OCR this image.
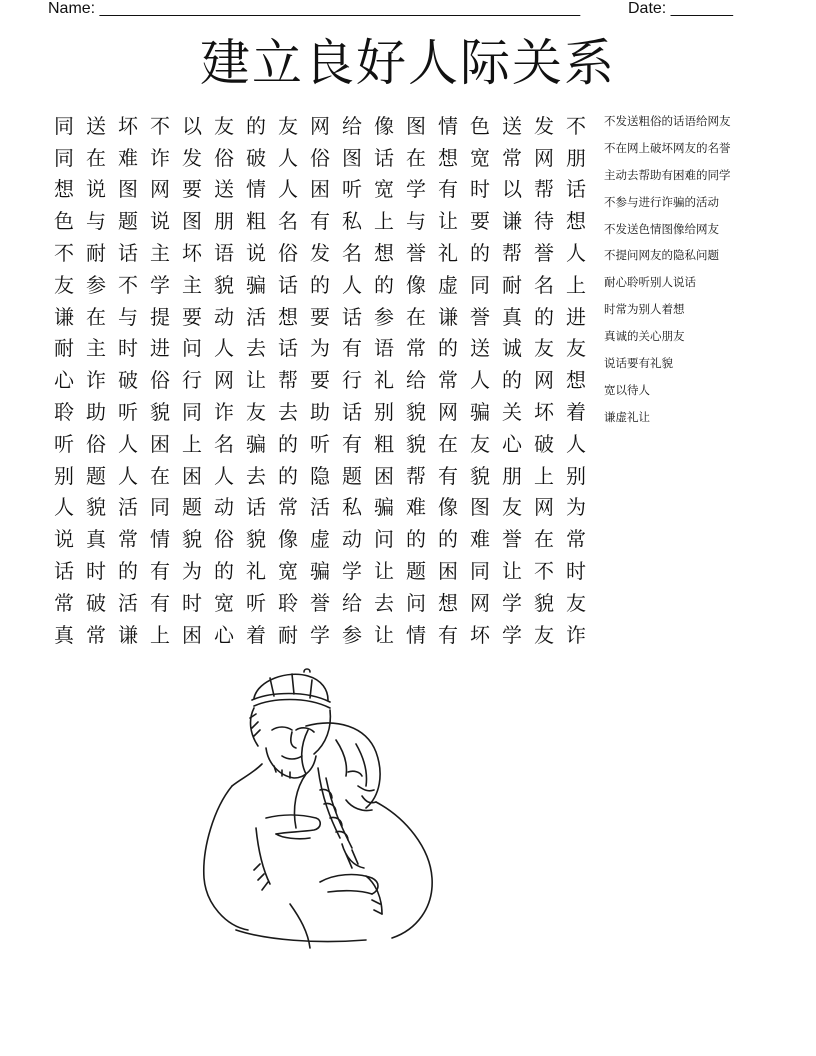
Name: ______________________________________________________	Date: _______
建立良好人际关系
同 送 坏 不 以 友 的 友 网 给 像 图 情 色 送 发 不
同 在 难 诈 发 俗 破 人 俗 图 话 在 想 宽 常 网 朋
想 说 图 网 要 送 情 人 困 听 宽 学 有 时 以 帮 话
色 与 题 说 图 朋 粗 名 有 私 上 与 让 要 谦 待 想
不 耐 话 主 坏 语 说 俗 发 名 想 誉 礼 的 帮 誉 人
友 参 不 学 主 貌 骗 话 的 人 的 像 虚 同 耐 名 上
谦 在 与 提 要 动 活 想 要 话 参 在 谦 誉 真 的 进
耐 主 时 进 问 人 去 话 为 有 语 常 的 送 诚 友 友
心 诈 破 俗 行 网 让 帮 要 行 礼 给 常 人 的 网 想
聆 助 听 貌 同 诈 友 去 助 话 别 貌 网 骗 关 坏 着
听 俗 人 困 上 名 骗 的 听 有 粗 貌 在 友 心 破 人
别 题 人 在 困 人 去 的 隐 题 困 帮 有 貌 朋 上 别
人 貌 活 同 题 动 话 常 活 私 骗 难 像 图 友 网 为
说 真 常 情 貌 俗 貌 像 虚 动 问 的 的 难 誉 在 常
话 时 的 有 为 的 礼 宽 骗 学 让 题 困 同 让 不 时
常 破 活 有 时 宽 听 聆 誉 给 去 问 想 网 学 貌 友
真 常 谦 上 困 心 着 耐 学 参 让 情 有 坏 学 友 诈
不发送粗俗的话语给网友
不在网上破坏网友的名誉
主动去帮助有困难的同学
不参与进行诈骗的活动
不发送色情图像给网友
不提问网友的隐私问题
耐心聆听别人说话
时常为别人着想
真诚的关心朋友
说话要有礼貌
宽以待人
谦虚礼让
